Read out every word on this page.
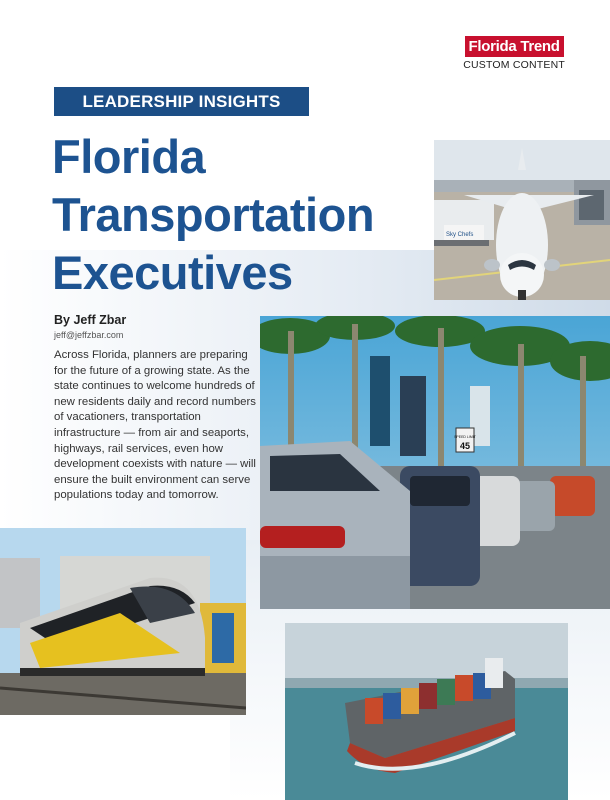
Florida Trend
CUSTOM CONTENT
LEADERSHIP INSIGHTS
Florida
Transportation
Executives
By Jeff Zbar
jeff@jeffzbar.com

Across Florida, planners are preparing for the future of a growing state. As the state continues to welcome hundreds of new residents daily and record numbers of vacationers, transportation infrastructure — from air and seaports, highways, rail services, even how development coexists with nature — will ensure the built environment can serve populations today and tomorrow.

Sky Chefs
SPEED LIMIT
45
